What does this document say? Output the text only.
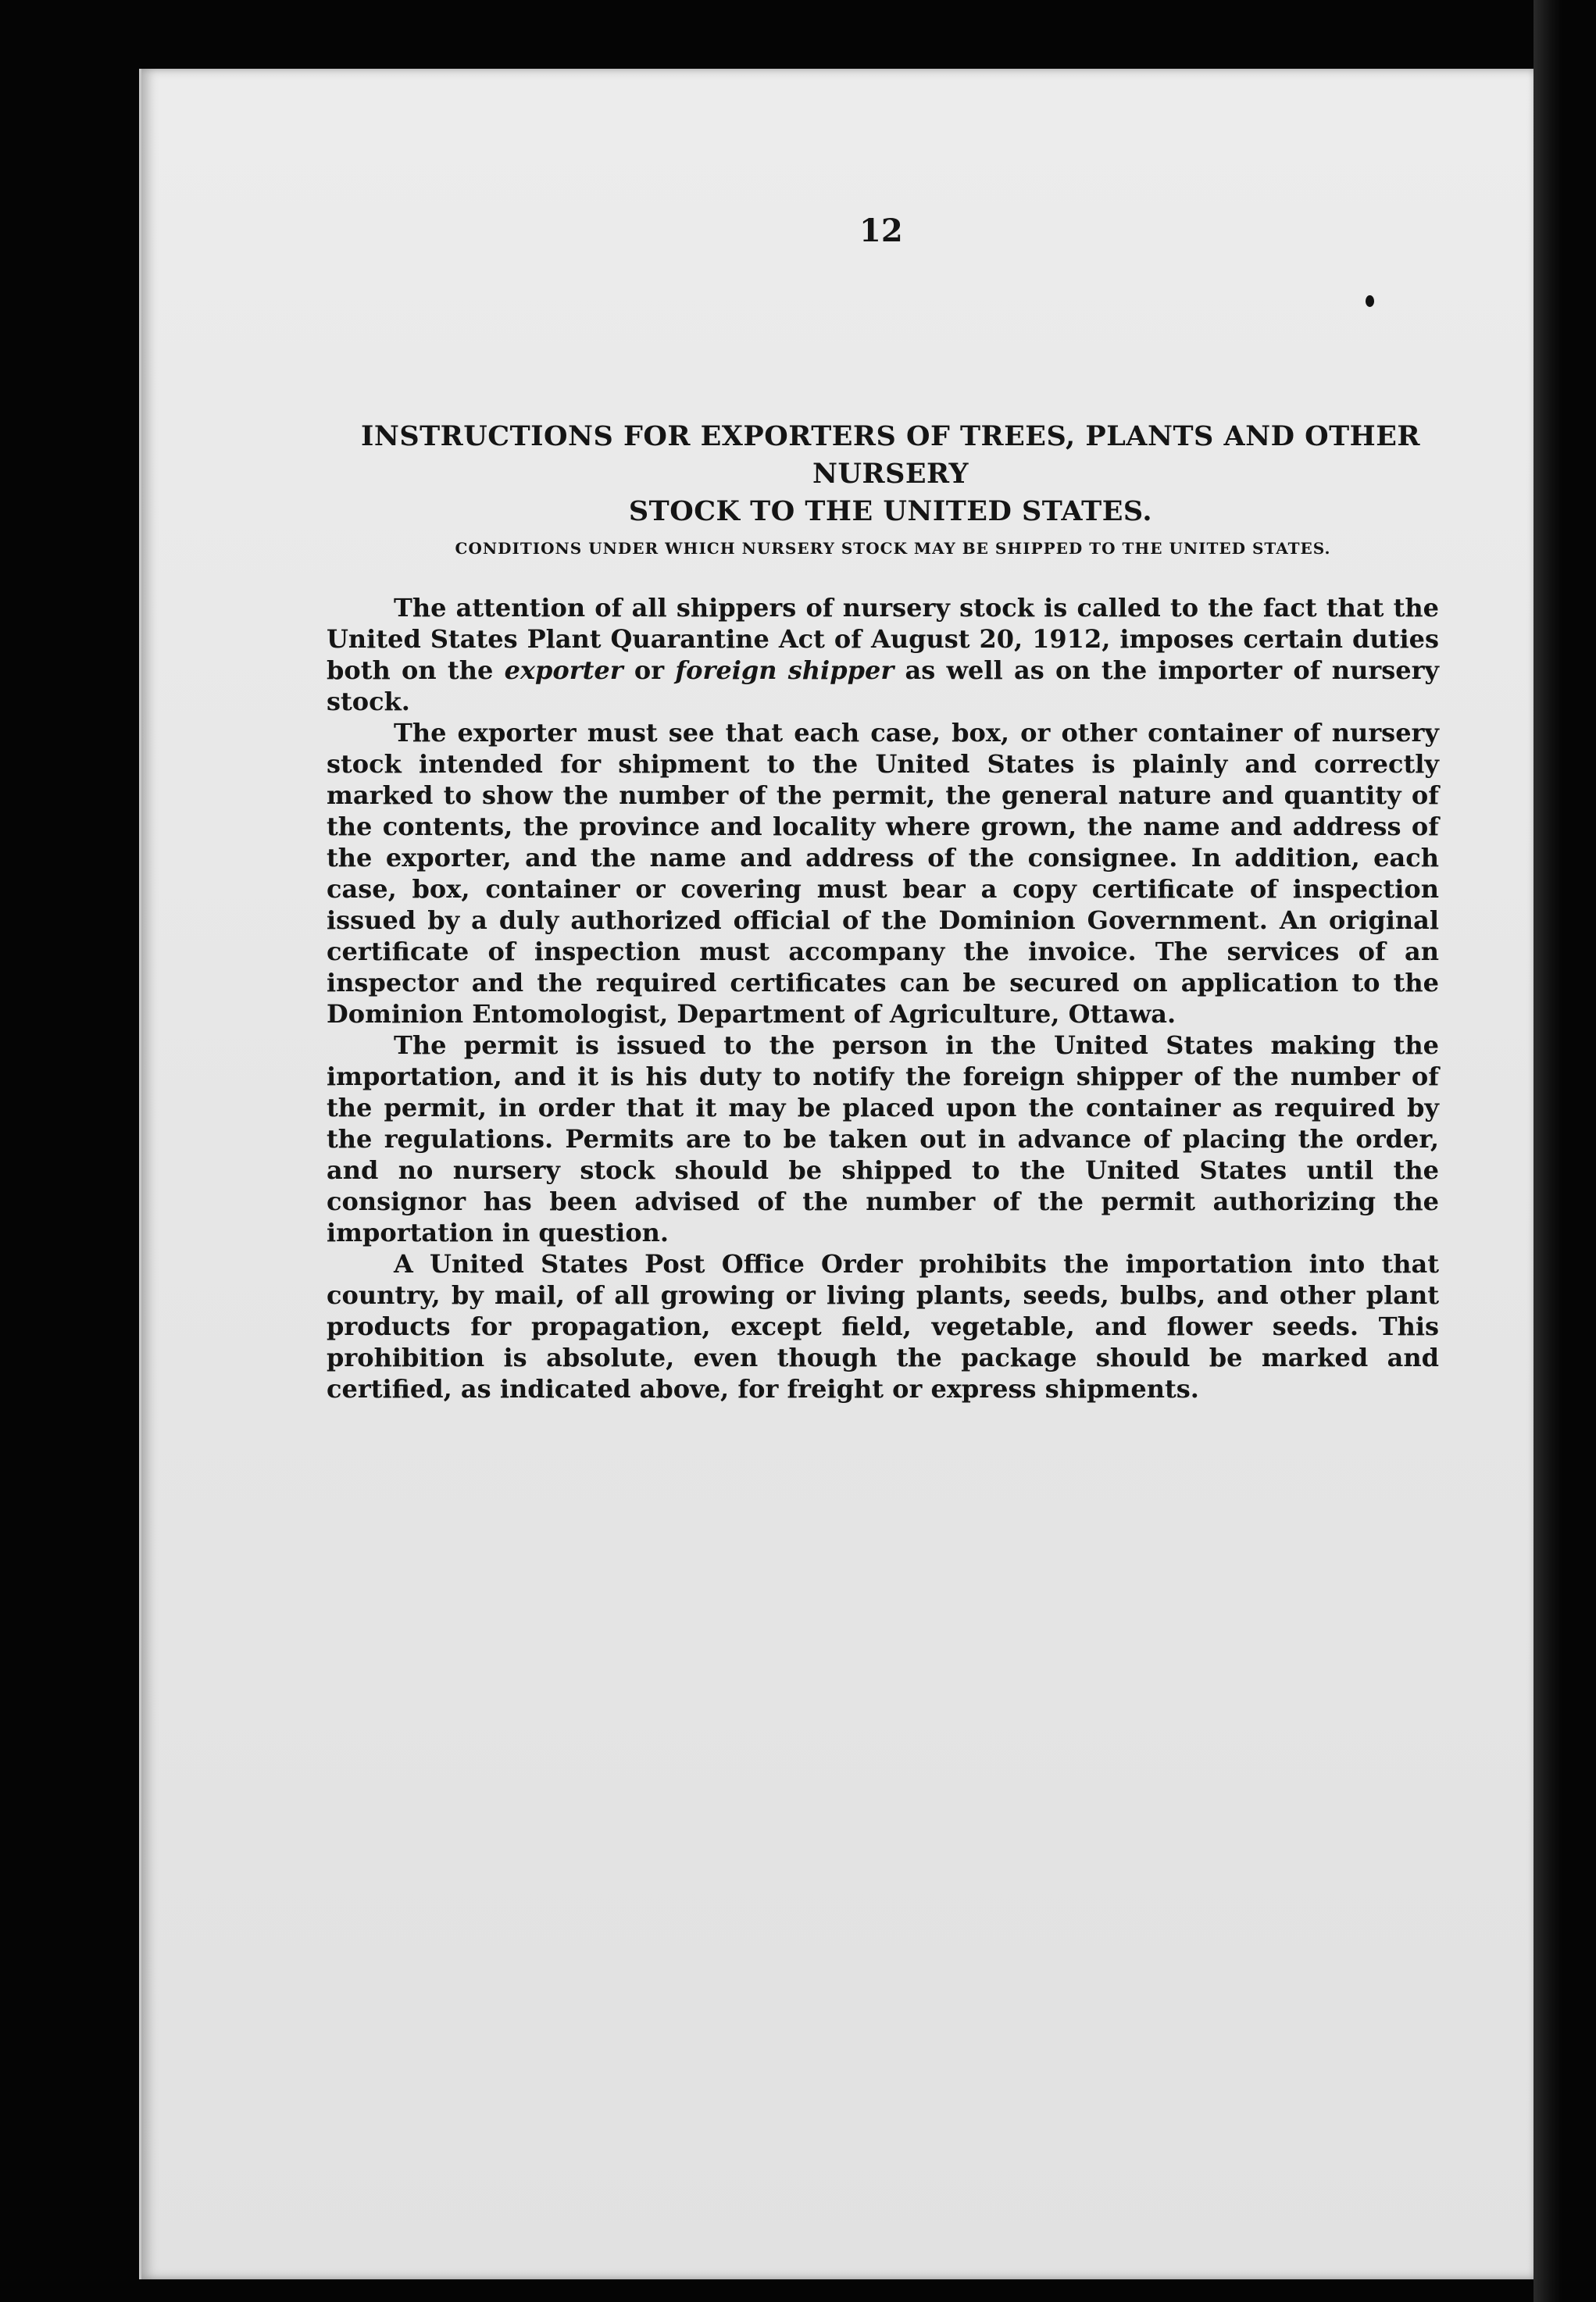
12
INSTRUCTIONS FOR EXPORTERS OF TREES, PLANTS AND OTHER NURSERY
STOCK TO THE UNITED STATES.
CONDITIONS UNDER WHICH NURSERY STOCK MAY BE SHIPPED TO THE UNITED STATES.

The attention of all shippers of nursery stock is called to the fact that the United States Plant Quarantine Act of August 20, 1912, imposes certain duties both on the exporter or foreign shipper as well as on the importer of nursery stock.

The exporter must see that each case, box, or other container of nursery stock intended for shipment to the United States is plainly and correctly marked to show the number of the permit, the general nature and quantity of the contents, the province and locality where grown, the name and address of the exporter, and the name and address of the consignee. In addition, each case, box, container or covering must bear a copy certificate of inspection issued by a duly authorized official of the Dominion Government. An original certificate of inspection must accompany the invoice. The services of an inspector and the required certificates can be secured on application to the Dominion Entomologist, Department of Agriculture, Ottawa.

The permit is issued to the person in the United States making the importation, and it is his duty to notify the foreign shipper of the number of the permit, in order that it may be placed upon the container as required by the regulations. Permits are to be taken out in advance of placing the order, and no nursery stock should be shipped to the United States until the consignor has been advised of the number of the permit authorizing the importation in question.

A United States Post Office Order prohibits the importation into that country, by mail, of all growing or living plants, seeds, bulbs, and other plant products for propagation, except field, vegetable, and flower seeds. This prohibition is absolute, even though the package should be marked and certified, as indicated above, for freight or express shipments.
